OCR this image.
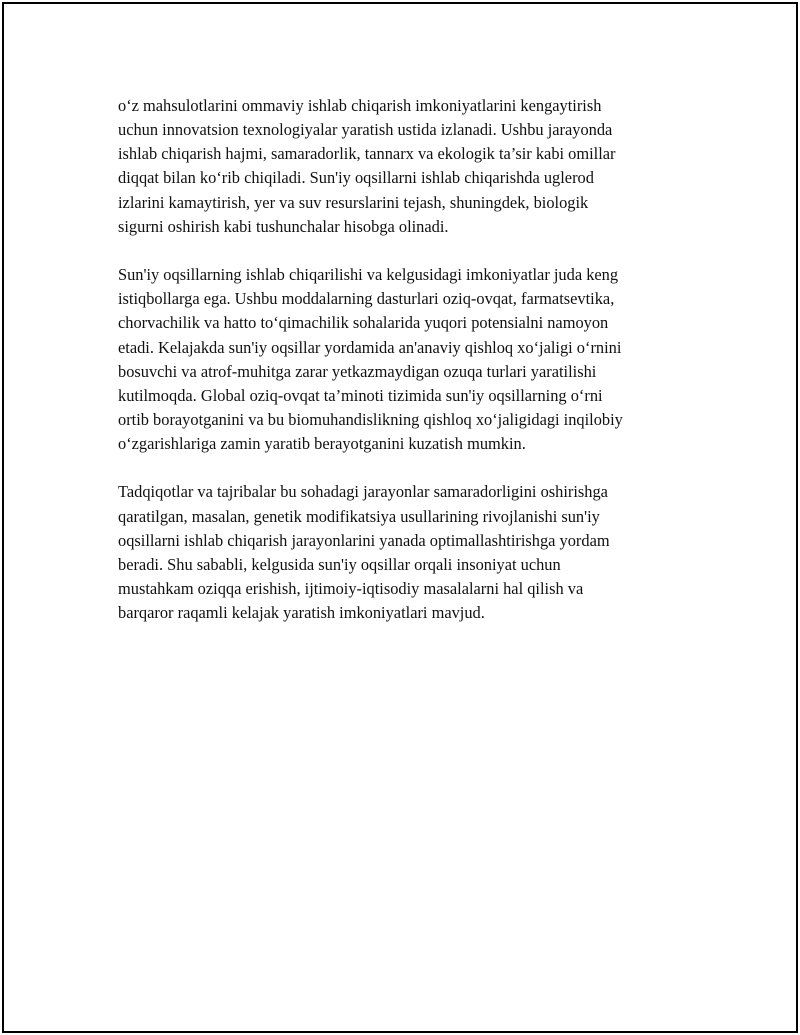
o‘z mahsulotlarini ommaviy ishlab chiqarish imkoniyatlarini kengaytirish
uchun innovatsion texnologiyalar yaratish ustida izlanadi. Ushbu jarayonda
ishlab chiqarish hajmi, samaradorlik, tannarx va ekologik ta’sir kabi omillar
diqqat bilan ko‘rib chiqiladi. Sun'iy oqsillarni ishlab chiqarishda uglerod
izlarini kamaytirish, yer va suv resurslarini tejash, shuningdek, biologik
sigurni oshirish kabi tushunchalar hisobga olinadi.

Sun'iy oqsillarning ishlab chiqarilishi va kelgusidagi imkoniyatlar juda keng
istiqbollarga ega. Ushbu moddalarning dasturlari oziq-ovqat, farmatsevtika,
chorvachilik va hatto to‘qimachilik sohalarida yuqori potensialni namoyon
etadi. Kelajakda sun'iy oqsillar yordamida an'anaviy qishloq xo‘jaligi o‘rnini
bosuvchi va atrof-muhitga zarar yetkazmaydigan ozuqa turlari yaratilishi
kutilmoqda. Global oziq-ovqat ta’minoti tizimida sun'iy oqsillarning o‘rni
ortib borayotganini va bu biomuhandislikning qishloq xo‘jaligidagi inqilobiy
o‘zgarishlariga zamin yaratib berayotganini kuzatish mumkin.

Tadqiqotlar va tajribalar bu sohadagi jarayonlar samaradorligini oshirishga
qaratilgan, masalan, genetik modifikatsiya usullarining rivojlanishi sun'iy
oqsillarni ishlab chiqarish jarayonlarini yanada optimallashtirishga yordam
beradi. Shu sababli, kelgusida sun'iy oqsillar orqali insoniyat uchun
mustahkam oziqqa erishish, ijtimoiy-iqtisodiy masalalarni hal qilish va
barqaror raqamli kelajak yaratish imkoniyatlari mavjud.
